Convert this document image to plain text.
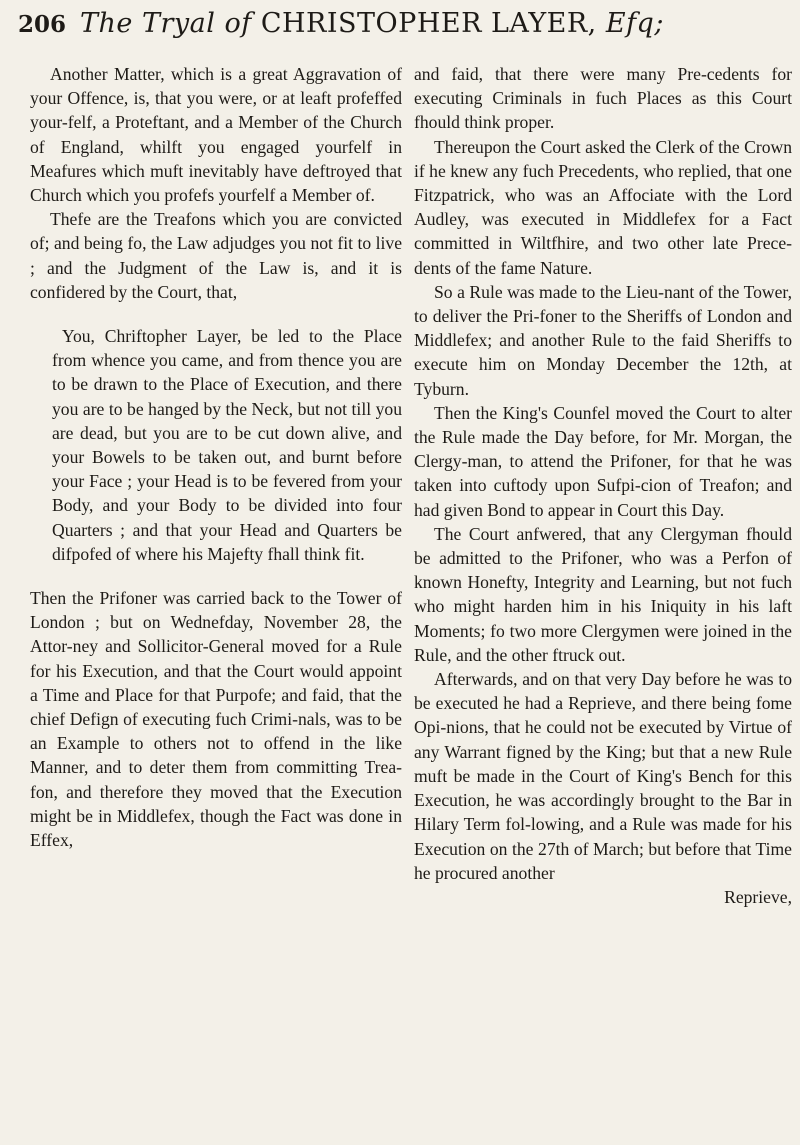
206 The Tryal of CHRISTOPHER LAYER, Efq;

Another Matter, which is a great Aggravation of your Offence, is, that you were, or at leaft profeffed your-felf, a Proteftant, and a Member of the Church of England, whilft you engaged yourfelf in Meafures which muft inevitably have deftroyed that Church which you profefs yourfelf a Member of.

Thefe are the Treafons which you are convicted of; and being fo, the Law adjudges you not fit to live ; and the Judgment of the Law is, and it is confidered by the Court, that,

You, Chriftopher Layer, be led to the Place from whence you came, and from thence you are to be drawn to the Place of Execution, and there you are to be hanged by the Neck, but not till you are dead, but you are to be cut down alive, and your Bowels to be taken out, and burnt before your Face ; your Head is to be fevered from your Body, and your Body to be divided into four Quarters ; and that your Head and Quarters be difpofed of where his Majefty fhall think fit.

Then the Prifoner was carried back to the Tower of London ; but on Wednefday, November 28, the Attor-ney and Sollicitor-General moved for a Rule for his Execution, and that the Court would appoint a Time and Place for that Purpofe; and faid, that the chief Defign of executing fuch Crimi-nals, was to be an Example to others not to offend in the like Manner, and to deter them from committing Trea-fon, and therefore they moved that the Execution might be in Middlefex, though the Fact was done in Effex,

and faid, that there were many Pre-cedents for executing Criminals in fuch Places as this Court fhould think proper.

Thereupon the Court asked the Clerk of the Crown if he knew any fuch Precedents, who replied, that one Fitzpatrick, who was an Affociate with the Lord Audley, was executed in Middlefex for a Fact committed in Wiltfhire, and two other late Prece-dents of the fame Nature.

So a Rule was made to the Lieu-nant of the Tower, to deliver the Pri-foner to the Sheriffs of London and Middlefex; and another Rule to the faid Sheriffs to execute him on Monday December the 12th, at Tyburn.

Then the King's Counfel moved the Court to alter the Rule made the Day before, for Mr. Morgan, the Clergy-man, to attend the Prifoner, for that he was taken into cuftody upon Sufpi-cion of Treafon; and had given Bond to appear in Court this Day.

The Court anfwered, that any Clergyman fhould be admitted to the Prifoner, who was a Perfon of known Honefty, Integrity and Learning, but not fuch who might harden him in his Iniquity in his laft Moments; fo two more Clergymen were joined in the Rule, and the other ftruck out.

Afterwards, and on that very Day before he was to be executed he had a Reprieve, and there being fome Opi-nions, that he could not be executed by Virtue of any Warrant figned by the King; but that a new Rule muft be made in the Court of King's Bench for this Execution, he was accordingly brought to the Bar in Hilary Term fol-lowing, and a Rule was made for his Execution on the 27th of March; but before that Time he procured another

Reprieve,
